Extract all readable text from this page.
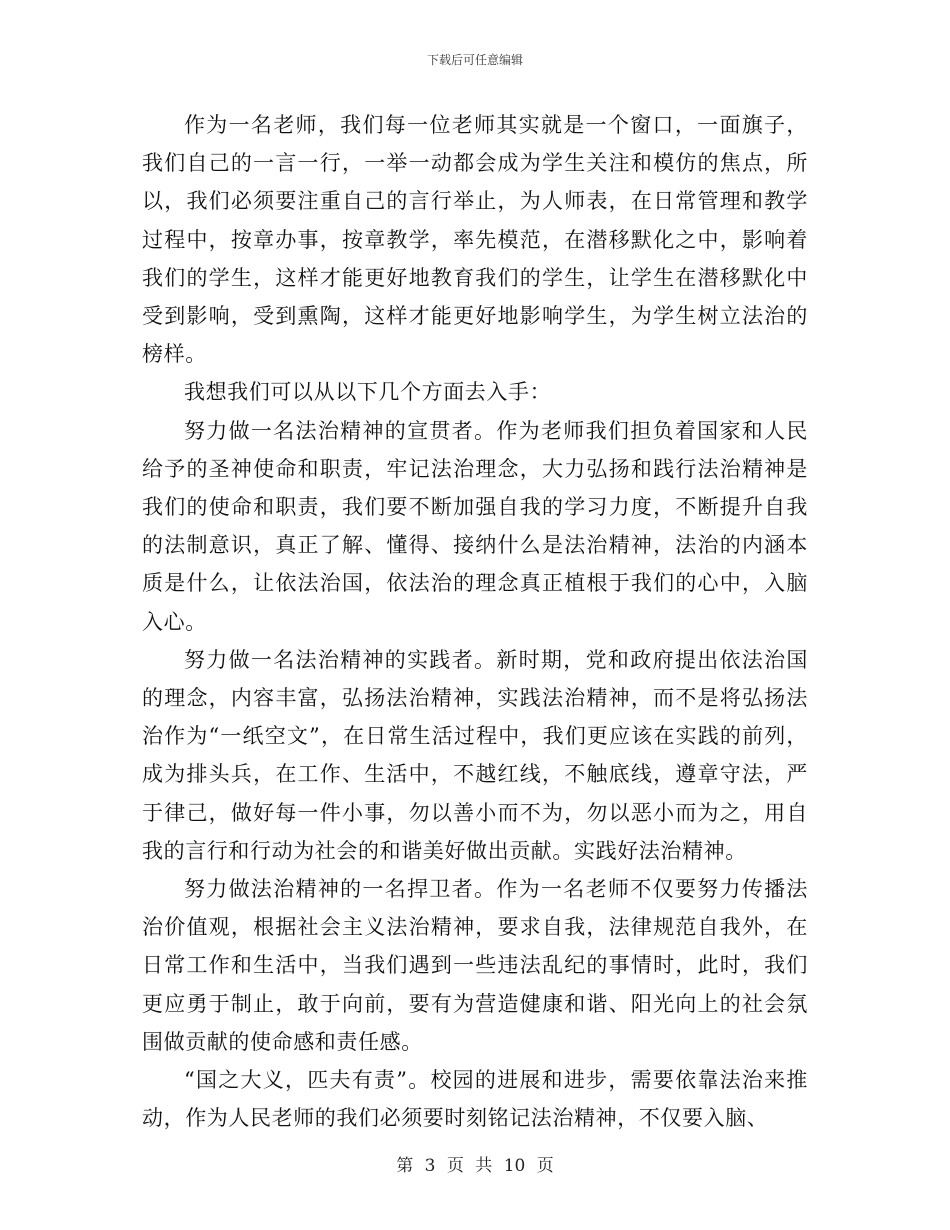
下载后可任意编辑

作为一名老师，我们每一位老师其实就是一个窗口，一面旗子，我们自己的一言一行，一举一动都会成为学生关注和模仿的焦点，所以，我们必须要注重自己的言行举止，为人师表，在日常管理和教学过程中，按章办事，按章教学，率先模范，在潜移默化之中，影响着我们的学生，这样才能更好地教育我们的学生，让学生在潜移默化中受到影响，受到熏陶，这样才能更好地影响学生，为学生树立法治的榜样。

我想我们可以从以下几个方面去入手：

努力做一名法治精神的宣贯者。作为老师我们担负着国家和人民给予的圣神使命和职责，牢记法治理念，大力弘扬和践行法治精神是我们的使命和职责，我们要不断加强自我的学习力度，不断提升自我的法制意识，真正了解、懂得、接纳什么是法治精神，法治的内涵本质是什么，让依法治国，依法治的理念真正植根于我们的心中，入脑入心。

努力做一名法治精神的实践者。新时期，党和政府提出依法治国的理念，内容丰富，弘扬法治精神，实践法治精神，而不是将弘扬法治作为“一纸空文”，在日常生活过程中，我们更应该在实践的前列，成为排头兵，在工作、生活中，不越红线，不触底线，遵章守法，严于律己，做好每一件小事，勿以善小而不为，勿以恶小而为之，用自我的言行和行动为社会的和谐美好做出贡献。实践好法治精神。

努力做法治精神的一名捍卫者。作为一名老师不仅要努力传播法治价值观，根据社会主义法治精神，要求自我，法律规范自我外，在日常工作和生活中，当我们遇到一些违法乱纪的事情时，此时，我们更应勇于制止，敢于向前，要有为营造健康和谐、阳光向上的社会氛围做贡献的使命感和责任感。

“国之大义，匹夫有责”。校园的进展和进步，需要依靠法治来推动，作为人民老师的我们必须要时刻铭记法治精神，不仅要入脑、

第 3 页 共 10 页
